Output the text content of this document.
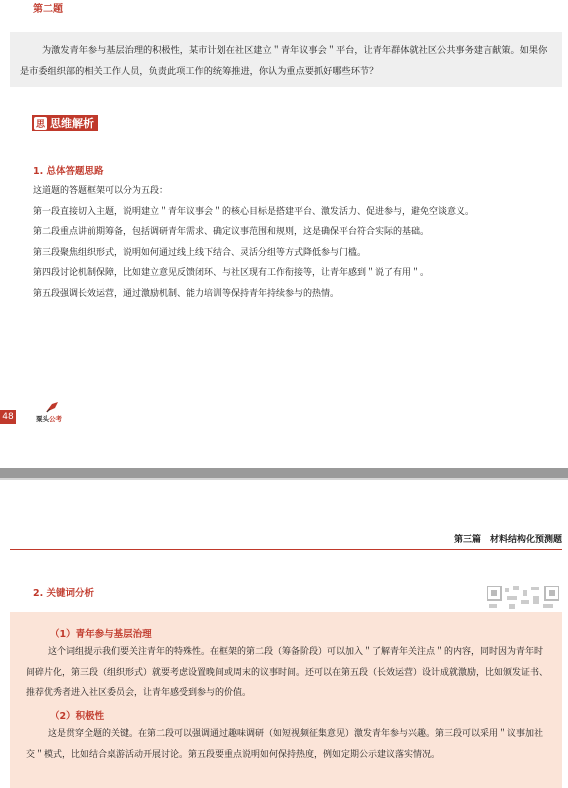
第二题
为激发青年参与基层治理的积极性，某市计划在社区建立＂青年议事会＂平台，让青年群体就社区公共事务建言献策。如果你是市委组织部的相关工作人员，负责此项工作的统筹推进，你认为重点要抓好哪些环节？
思 思维解析
1. 总体答题思路
这道题的答题框架可以分为五段：
第一段直接切入主题，说明建立＂青年议事会＂的核心目标是搭建平台、激发活力、促进参与，避免空谈意义。
第二段重点讲前期筹备，包括调研青年需求、确定议事范围和规则，这是确保平台符合实际的基础。
第三段聚焦组织形式，说明如何通过线上线下结合、灵活分组等方式降低参与门槛。
第四段讨论机制保障，比如建立意见反馈闭环、与社区现有工作衔接等，让青年感到＂说了有用＂。
第五段强调长效运营，通过激励机制、能力培训等保持青年持续参与的热情。
48	粟头公考
第三篇　材料结构化预测题
2. 关键词分析
（1）青年参与基层治理
这个词组提示我们要关注青年的特殊性。在框架的第二段（筹备阶段）可以加入＂了解青年关注点＂的内容，同时因为青年时间碎片化，第三段（组织形式）就要考虑设置晚间或周末的议事时间。还可以在第五段（长效运营）设计成就激励，比如颁发证书、推荐优秀者进入社区委员会，让青年感受到参与的价值。
（2）积极性
这是贯穿全题的关键。在第二段可以强调通过趣味调研（如短视频征集意见）激发青年参与兴趣。第三段可以采用＂议事加社交＂模式，比如结合桌游活动开展讨论。第五段要重点说明如何保持热度，例如定期公示建议落实情况。
